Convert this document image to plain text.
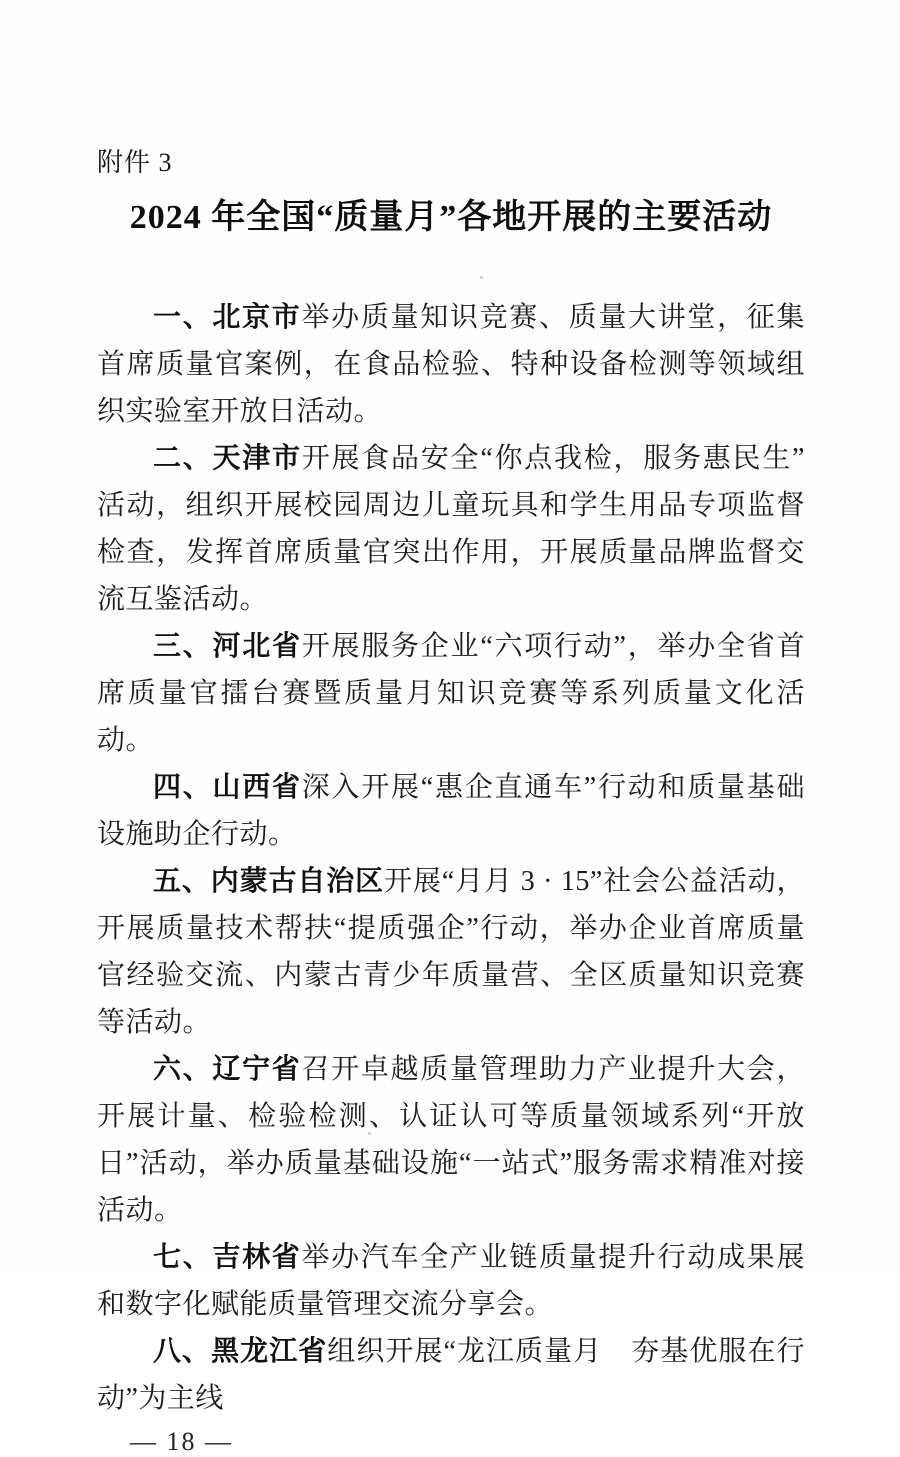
附件 3
2024 年全国“质量月”各地开展的主要活动

一、北京市举办质量知识竞赛、质量大讲堂，征集首席质量官案例，在食品检验、特种设备检测等领域组织实验室开放日活动。

二、天津市开展食品安全“你点我检，服务惠民生”活动，组织开展校园周边儿童玩具和学生用品专项监督检查，发挥首席质量官突出作用，开展质量品牌监督交流互鉴活动。

三、河北省开展服务企业“六项行动”，举办全省首席质量官擂台赛暨质量月知识竞赛等系列质量文化活动。

四、山西省深入开展“惠企直通车”行动和质量基础设施助企行动。

五、内蒙古自治区开展“月月 3 · 15”社会公益活动，开展质量技术帮扶“提质强企”行动，举办企业首席质量官经验交流、内蒙古青少年质量营、全区质量知识竞赛等活动。

六、辽宁省召开卓越质量管理助力产业提升大会，开展计量、检验检测、认证认可等质量领域系列“开放日”活动，举办质量基础设施“一站式”服务需求精准对接活动。

七、吉林省举办汽车全产业链质量提升行动成果展和数字化赋能质量管理交流分享会。

八、黑龙江省组织开展“龙江质量月　夯基优服在行动”为主线

— 18 —
